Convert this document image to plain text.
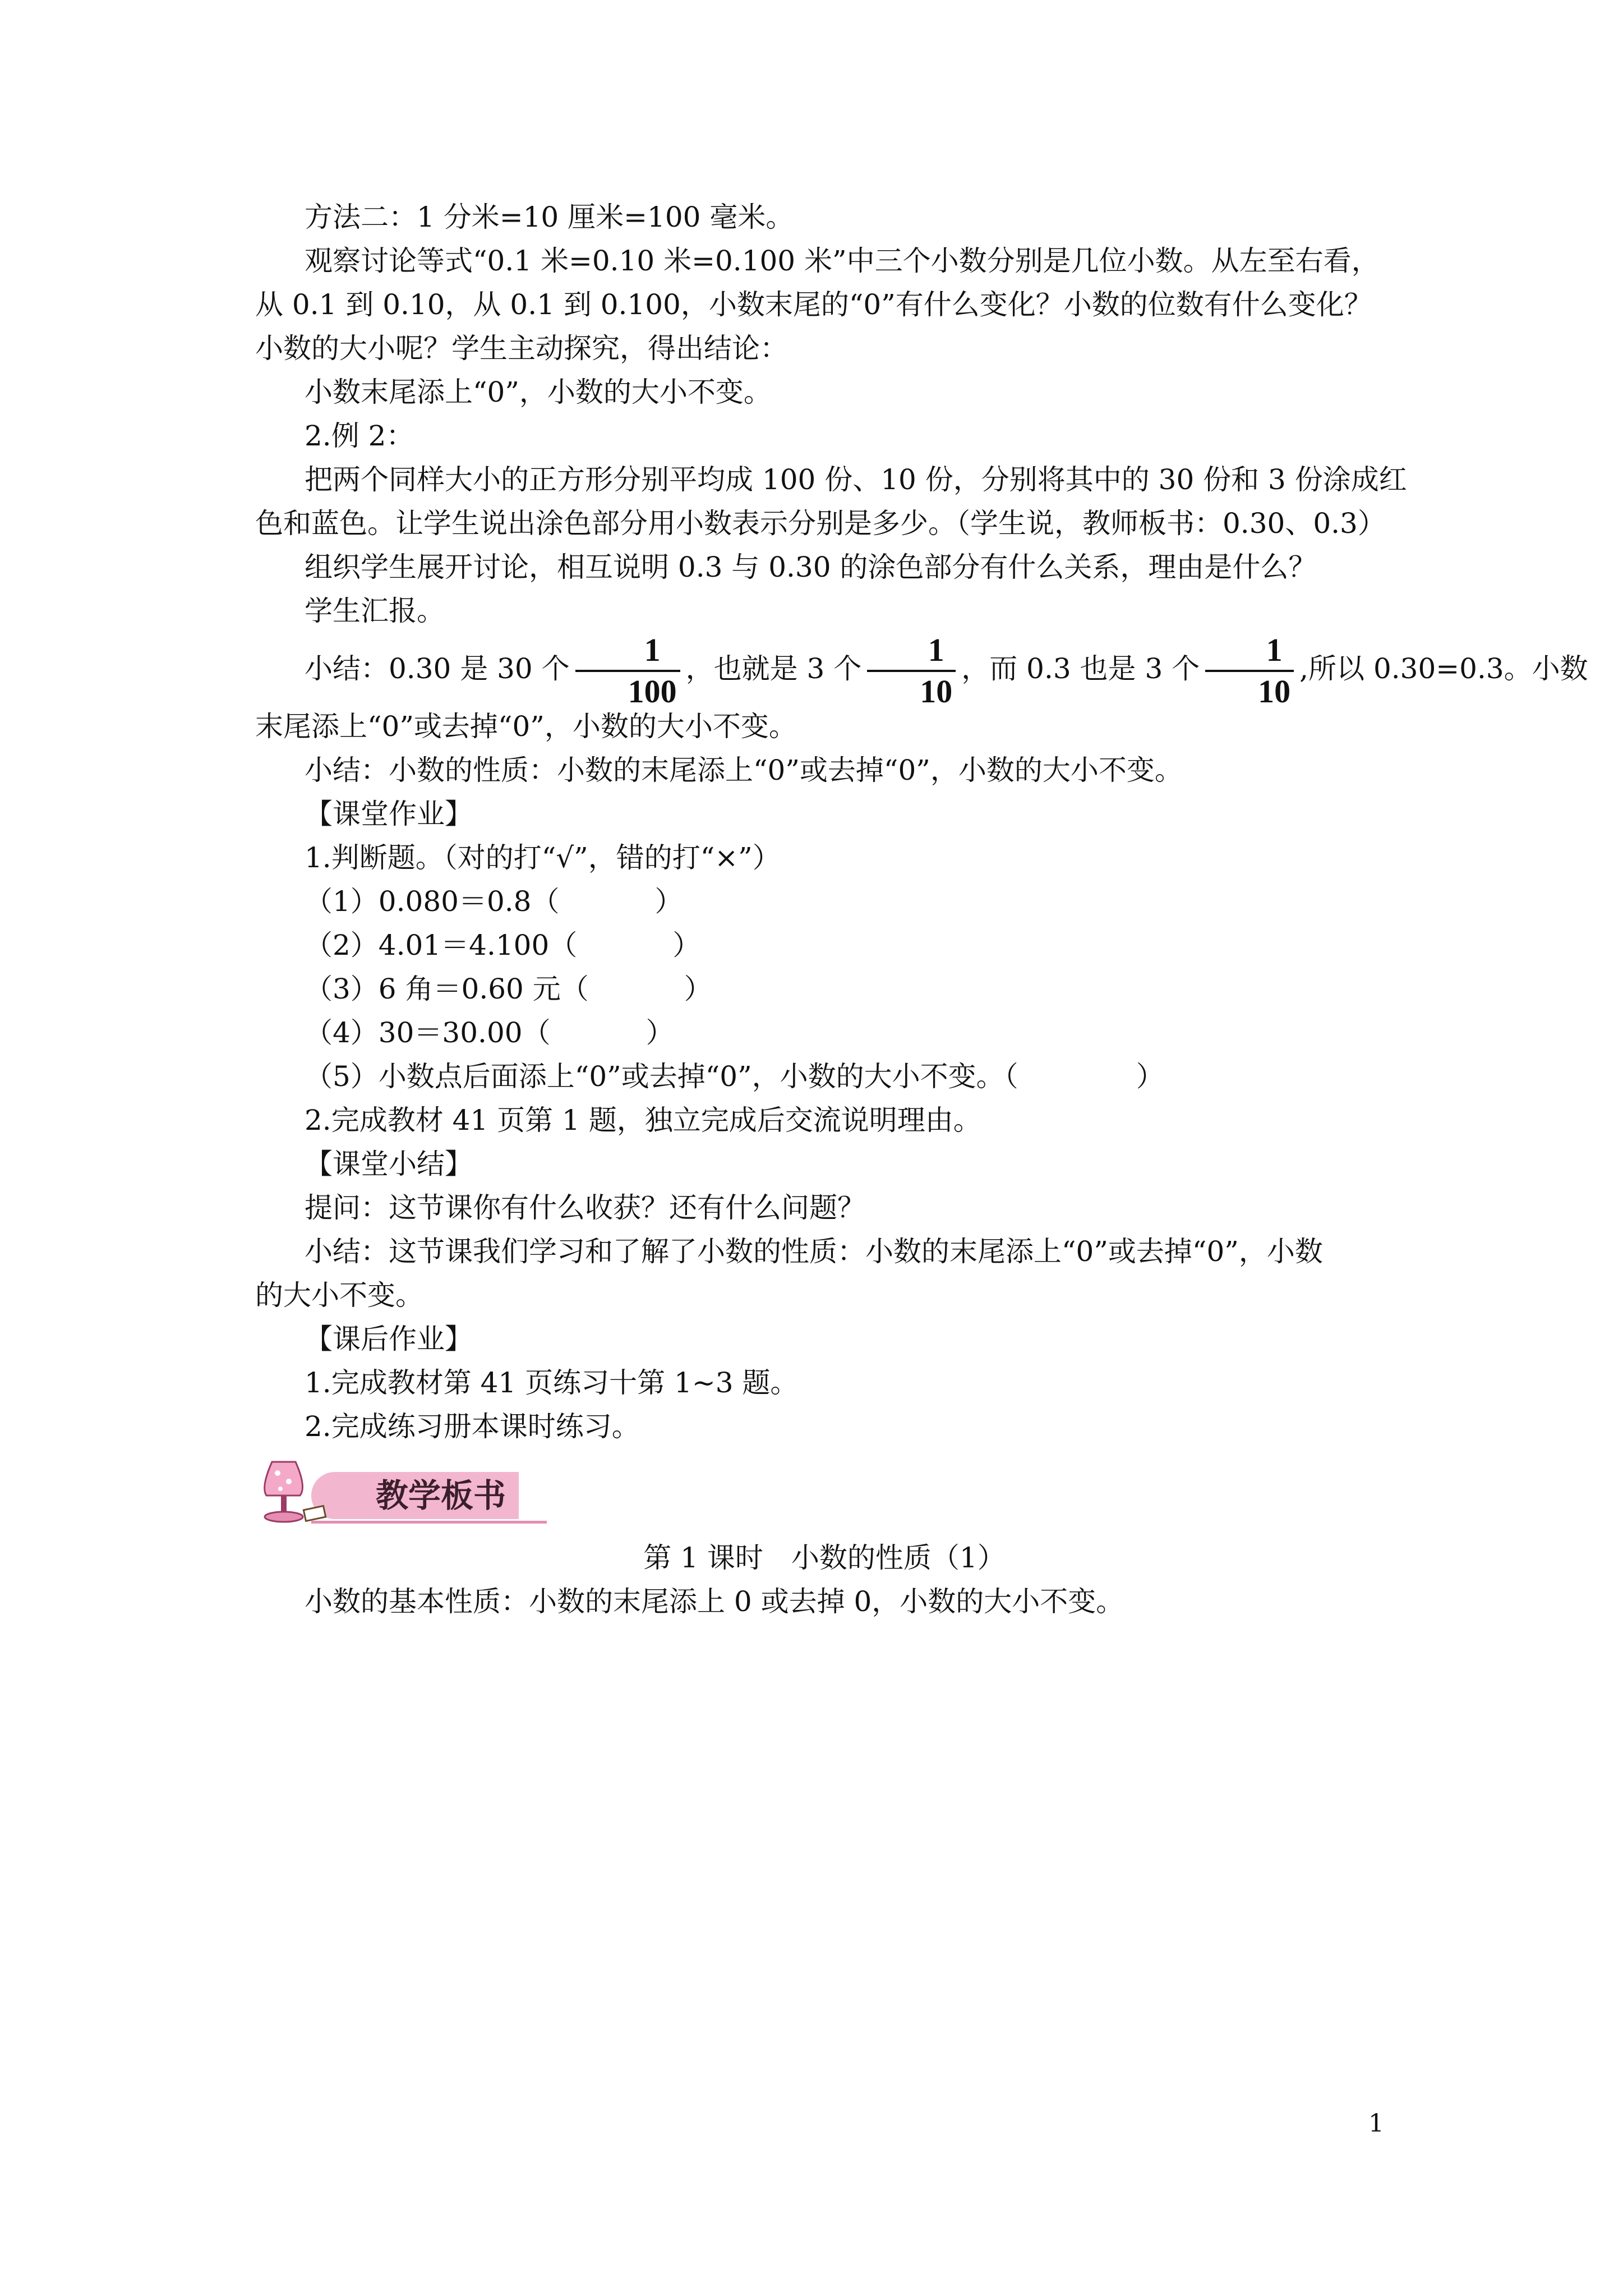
方法二：1 分米=10 厘米=100 毫米。
观察讨论等式“0.1 米=0.10 米=0.100 米”中三个小数分别是几位小数。从左至右看，
从 0.1 到 0.10，从 0.1 到 0.100，小数末尾的“0”有什么变化？小数的位数有什么变化？
小数的大小呢？学生主动探究，得出结论：
小数末尾添上“0”，小数的大小不变。
2.例 2：
把两个同样大小的正方形分别平均成 100 份、10 份，分别将其中的 30 份和 3 份涂成红
色和蓝色。让学生说出涂色部分用小数表示分别是多少。（学生说，教师板书：0.30、0.3）
组织学生展开讨论，相互说明 0.3 与 0.30 的涂色部分有什么关系，理由是什么？
学生汇报。
小结：0.30 是 30 个 $\frac{1}{100}$ ，也就是 3 个 $\frac{1}{10}$ ，而 0.3 也是 3 个 $\frac{1}{10}$ ,所以 0.30=0.3。小数
末尾添上“0”或去掉“0”，小数的大小不变。
小结：小数的性质：小数的末尾添上“0”或去掉“0”，小数的大小不变。
【课堂作业】
1.判断题。（对的打“√”，错的打“×”）
（1）0.080＝0.8（	）
（2）4.01＝4.100（	）
（3）6 角＝0.60 元（	）
（4）30＝30.00（	）
（5）小数点后面添上“0”或去掉“0”，小数的大小不变。（	）
2.完成教材 41 页第 1 题，独立完成后交流说明理由。
【课堂小结】
提问：这节课你有什么收获？还有什么问题？
小结：这节课我们学习和了解了小数的性质：小数的末尾添上“0”或去掉“0”，小数
的大小不变。
【课后作业】
1.完成教材第 41 页练习十第 1~3 题。
2.完成练习册本课时练习。
教学板书
第 1 课时　小数的性质（1）
小数的基本性质：小数的末尾添上 0 或去掉 0，小数的大小不变。
1
